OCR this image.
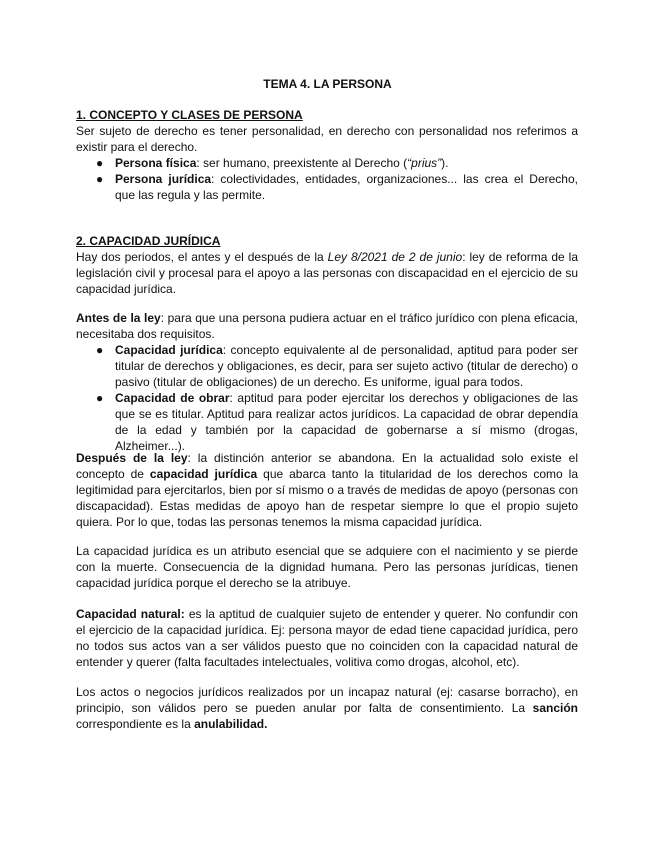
TEMA 4. LA PERSONA
1. CONCEPTO Y CLASES DE PERSONA

Ser sujeto de derecho es tener personalidad, en derecho con personalidad nos referimos a existir para el derecho.

● Persona física: ser humano, preexistente al Derecho (“prius”).
● Persona jurídica: colectividades, entidades, organizaciones... las crea el Derecho, que las regula y las permite.
2. CAPACIDAD JURÍDICA

Hay dos periodos, el antes y el después de la Ley 8/2021 de 2 de junio: ley de reforma de la legislación civil y procesal para el apoyo a las personas con discapacidad en el ejercicio de su capacidad jurídica.

Antes de la ley: para que una persona pudiera actuar en el tráfico jurídico con plena eficacia, necesitaba dos requisitos.

● Capacidad jurídica: concepto equivalente al de personalidad, aptitud para poder ser titular de derechos y obligaciones, es decir, para ser sujeto activo (titular de derecho) o pasivo (titular de obligaciones) de un derecho. Es uniforme, igual para todos.
● Capacidad de obrar: aptitud para poder ejercitar los derechos y obligaciones de las que se es titular. Aptitud para realizar actos jurídicos. La capacidad de obrar dependía de la edad y también por la capacidad de gobernarse a sí mismo (drogas, Alzheimer...).

Después de la ley: la distinción anterior se abandona. En la actualidad solo existe el concepto de capacidad jurídica que abarca tanto la titularidad de los derechos como la legitimidad para ejercitarlos, bien por sí mismo o a través de medidas de apoyo (personas con discapacidad). Estas medidas de apoyo han de respetar siempre lo que el propio sujeto quiera. Por lo que, todas las personas tenemos la misma capacidad jurídica.

La capacidad jurídica es un atributo esencial que se adquiere con el nacimiento y se pierde con la muerte. Consecuencia de la dignidad humana. Pero las personas jurídicas, tienen capacidad jurídica porque el derecho se la atribuye.

Capacidad natural: es la aptitud de cualquier sujeto de entender y querer. No confundir con el ejercicio de la capacidad jurídica. Ej: persona mayor de edad tiene capacidad jurídica, pero no todos sus actos van a ser válidos puesto que no coinciden con la capacidad natural de entender y querer (falta facultades intelectuales, volitiva como drogas, alcohol, etc).

Los actos o negocios jurídicos realizados por un incapaz natural (ej: casarse borracho), en principio, son válidos pero se pueden anular por falta de consentimiento. La sanción correspondiente es la anulabilidad.
